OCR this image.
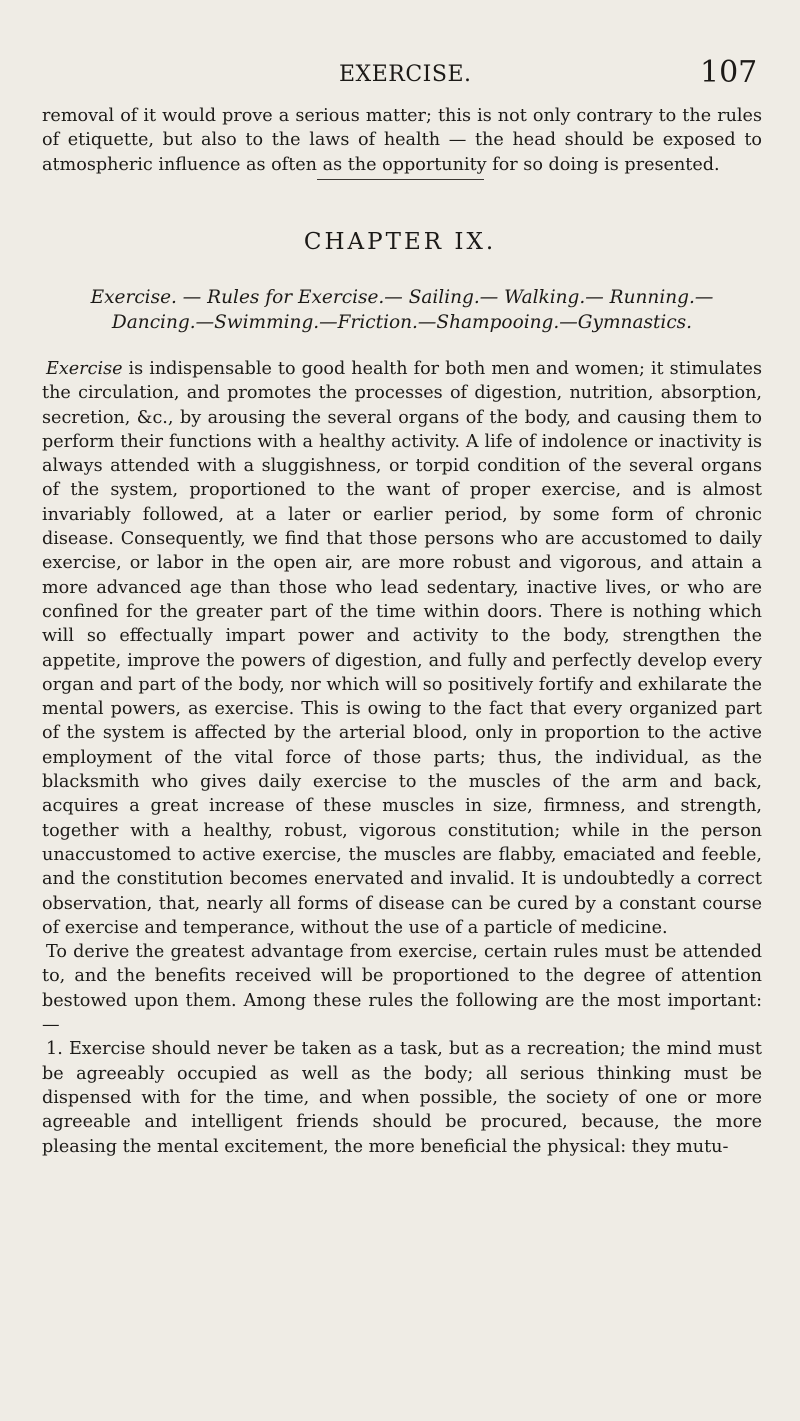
EXERCISE.	107

removal of it would prove a serious matter; this is not only contrary to the rules of etiquette, but also to the laws of health — the head should be exposed to atmospheric influence as often as the opportunity for so doing is presented.

CHAPTER IX.
Exercise. — Rules for Exercise.— Sailing.— Walking.— Running.—
Dancing.—Swimming.—Friction.—Shampooing.—Gymnastics.

Exercise is indispensable to good health for both men and women; it stimulates the circulation, and promotes the processes of digestion, nutrition, absorption, secretion, &c., by arousing the several organs of the body, and causing them to perform their functions with a healthy activity. A life of indolence or inactivity is always attended with a sluggishness, or torpid condition of the several organs of the system, proportioned to the want of proper exercise, and is almost invariably followed, at a later or earlier period, by some form of chronic disease. Consequently, we find that those persons who are accustomed to daily exercise, or labor in the open air, are more robust and vigorous, and attain a more advanced age than those who lead sedentary, inactive lives, or who are confined for the greater part of the time within doors. There is nothing which will so effectually impart power and activity to the body, strengthen the appetite, improve the powers of digestion, and fully and perfectly develop every organ and part of the body, nor which will so positively fortify and exhilarate the mental powers, as exercise. This is owing to the fact that every organized part of the system is affected by the arterial blood, only in proportion to the active employment of the vital force of those parts; thus, the individual, as the blacksmith who gives daily exercise to the muscles of the arm and back, acquires a great increase of these muscles in size, firmness, and strength, together with a healthy, robust, vigorous constitution; while in the person unaccustomed to active exercise, the muscles are flabby, emaciated and feeble, and the constitution becomes enervated and invalid. It is undoubtedly a correct observation, that, nearly all forms of disease can be cured by a constant course of exercise and temperance, without the use of a particle of medicine.

To derive the greatest advantage from exercise, certain rules must be attended to, and the benefits received will be proportioned to the degree of attention bestowed upon them. Among these rules the following are the most important: —

1. Exercise should never be taken as a task, but as a recreation; the mind must be agreeably occupied as well as the body; all serious thinking must be dispensed with for the time, and when possible, the society of one or more agreeable and intelligent friends should be procured, because, the more pleasing the mental excitement, the more beneficial the physical: they mutu-
